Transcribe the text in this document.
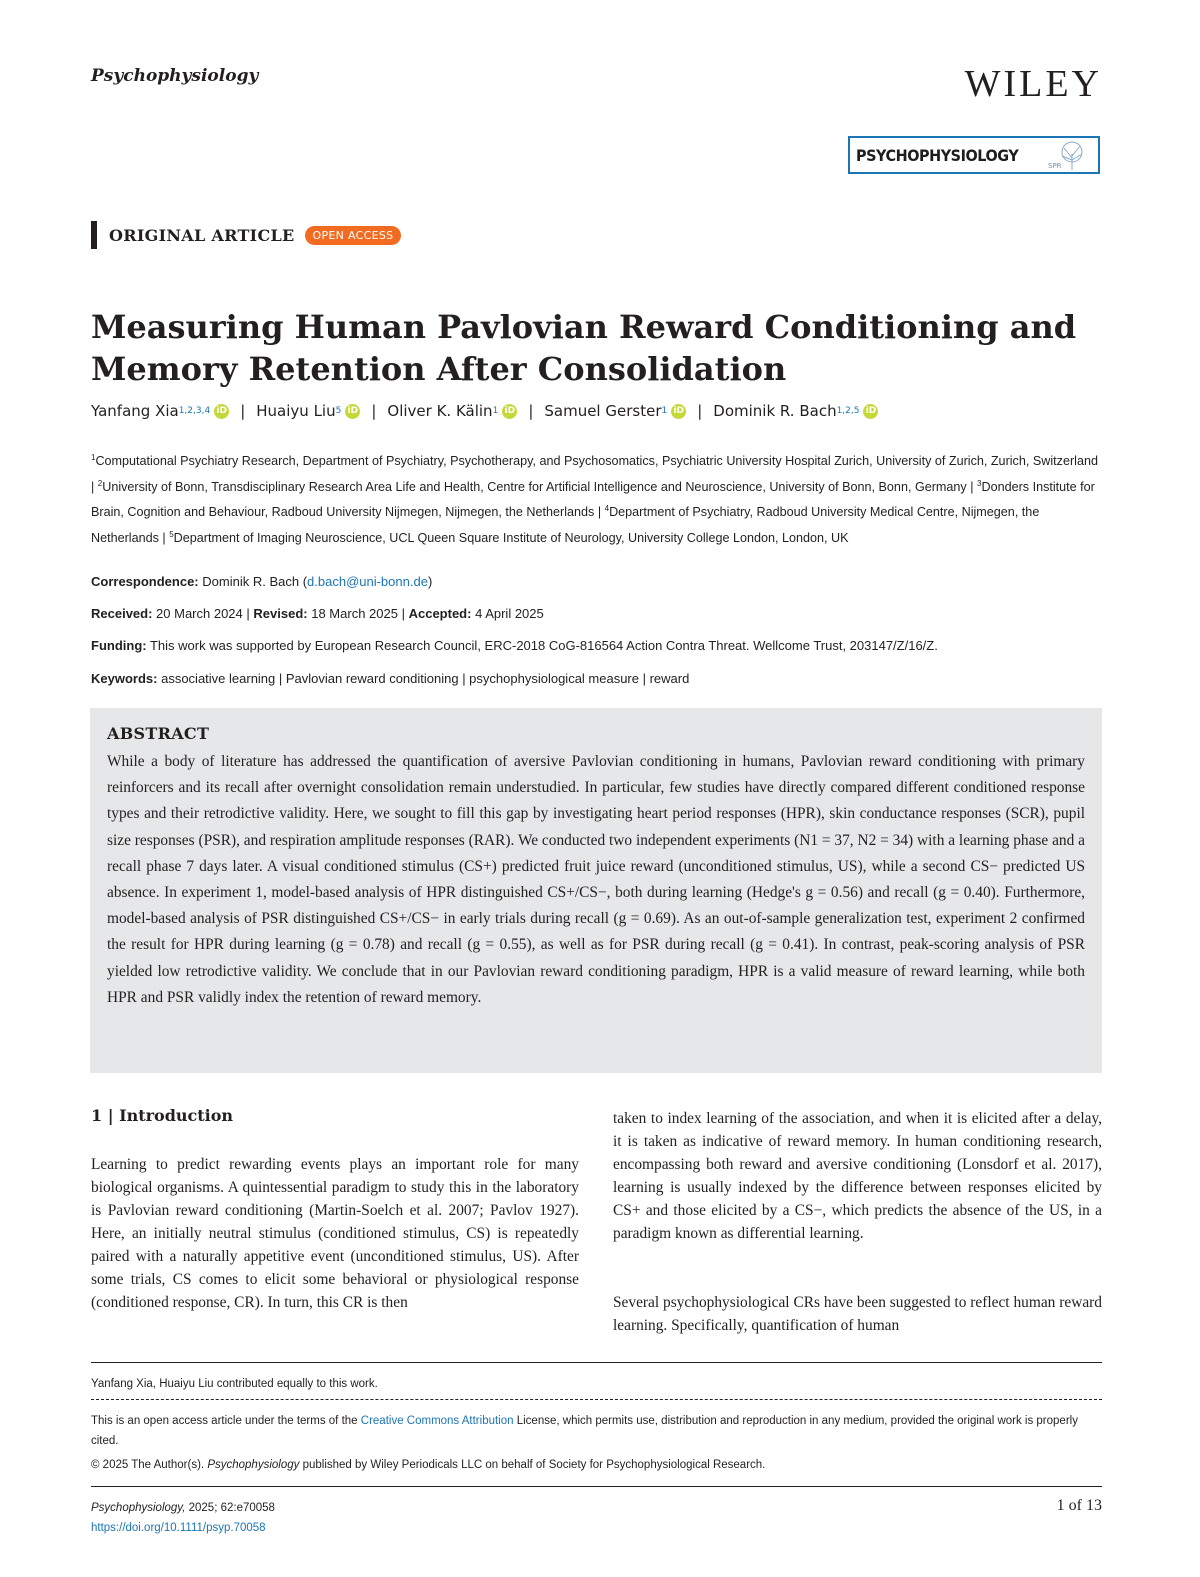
Psychophysiology	WILEY
PSYCHOPHYSIOLOGY
SPR
ORIGINAL ARTICLE	OPEN ACCESS
Measuring Human Pavlovian Reward Conditioning and Memory Retention After Consolidation
Yanfang Xia 1,2,3,4 iD | Huaiyu Liu 5 iD | Oliver K. Kälin 1 iD | Samuel Gerster 1 iD | Dominik R. Bach 1,2,5 iD
$^1$Computational Psychiatry Research, Department of Psychiatry, Psychotherapy, and Psychosomatics, Psychiatric University Hospital Zurich, University of Zurich, Zurich, Switzerland | $^2$University of Bonn, Transdisciplinary Research Area Life and Health, Centre for Artificial Intelligence and Neuroscience, University of Bonn, Bonn, Germany | $^3$Donders Institute for Brain, Cognition and Behaviour, Radboud University Nijmegen, Nijmegen, the Netherlands | $^4$Department of Psychiatry, Radboud University Medical Centre, Nijmegen, the Netherlands | $^5$Department of Imaging Neuroscience, UCL Queen Square Institute of Neurology, University College London, London, UK
Correspondence: Dominik R. Bach (d.bach@uni-bonn.de)
Received: 20 March 2024 | Revised: 18 March 2025 | Accepted: 4 April 2025
Funding: This work was supported by European Research Council, ERC-2018 CoG-816564 Action Contra Threat. Wellcome Trust, 203147/Z/16/Z.
Keywords: associative learning | Pavlovian reward conditioning | psychophysiological measure | reward
ABSTRACT
While a body of literature has addressed the quantification of aversive Pavlovian conditioning in humans, Pavlovian reward conditioning with primary reinforcers and its recall after overnight consolidation remain understudied. In particular, few studies have directly compared different conditioned response types and their retrodictive validity. Here, we sought to fill this gap by investigating heart period responses (HPR), skin conductance responses (SCR), pupil size responses (PSR), and respiration amplitude responses (RAR). We conducted two independent experiments (N1 = 37, N2 = 34) with a learning phase and a recall phase 7 days later. A visual conditioned stimulus (CS+) predicted fruit juice reward (unconditioned stimulus, US), while a second CS− predicted US absence. In experiment 1, model-based analysis of HPR distinguished CS+/CS−, both during learning (Hedge's g = 0.56) and recall (g = 0.40). Furthermore, model-based analysis of PSR distinguished CS+/CS− in early trials during recall (g = 0.69). As an out-of-sample generalization test, experiment 2 confirmed the result for HPR during learning (g = 0.78) and recall (g = 0.55), as well as for PSR during recall (g = 0.41). In contrast, peak-scoring analysis of PSR yielded low retrodictive validity. We conclude that in our Pavlovian reward conditioning paradigm, HPR is a valid measure of reward learning, while both HPR and PSR validly index the retention of reward memory.
1 | Introduction
Learning to predict rewarding events plays an important role for many biological organisms. A quintessential paradigm to study this in the laboratory is Pavlovian reward conditioning (Martin-Soelch et al. 2007; Pavlov 1927). Here, an initially neutral stimulus (conditioned stimulus, CS) is repeatedly paired with a naturally appetitive event (unconditioned stimulus, US). After some trials, CS comes to elicit some behavioral or physiological response (conditioned response, CR). In turn, this CR is then
taken to index learning of the association, and when it is elicited after a delay, it is taken as indicative of reward memory. In human conditioning research, encompassing both reward and aversive conditioning (Lonsdorf et al. 2017), learning is usually indexed by the difference between responses elicited by CS+ and those elicited by a CS−, which predicts the absence of the US, in a paradigm known as differential learning.
Several psychophysiological CRs have been suggested to reflect human reward learning. Specifically, quantification of human
Yanfang Xia, Huaiyu Liu contributed equally to this work.
This is an open access article under the terms of the Creative Commons Attribution License, which permits use, distribution and reproduction in any medium, provided the original work is properly cited.
© 2025 The Author(s). Psychophysiology published by Wiley Periodicals LLC on behalf of Society for Psychophysiological Research.
Psychophysiology, 2025; 62:e70058
https://doi.org/10.1111/psyp.70058
1 of 13
